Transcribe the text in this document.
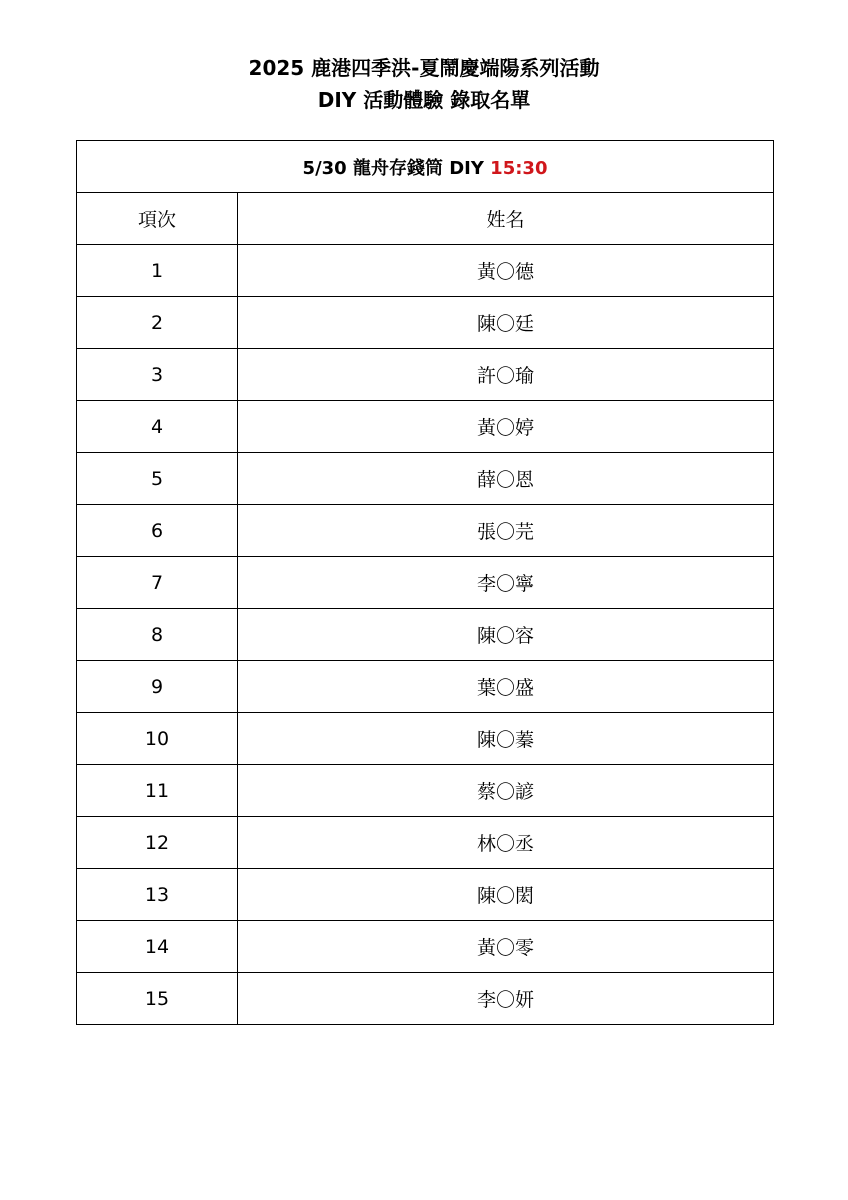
2025 鹿港四季洪-夏鬧慶端陽系列活動
DIY 活動體驗 錄取名單
5/30 龍舟存錢筒 DIY 15:30	
項次	姓名
1	黃〇德
2	陳〇廷
3	許〇瑜
4	黃〇婷
5	薛〇恩
6	張〇芫
7	李〇寧
8	陳〇容
9	葉〇盛
10	陳〇蓁
11	蔡〇諺
12	林〇丞
13	陳〇閎
14	黃〇零
15	李〇妍
